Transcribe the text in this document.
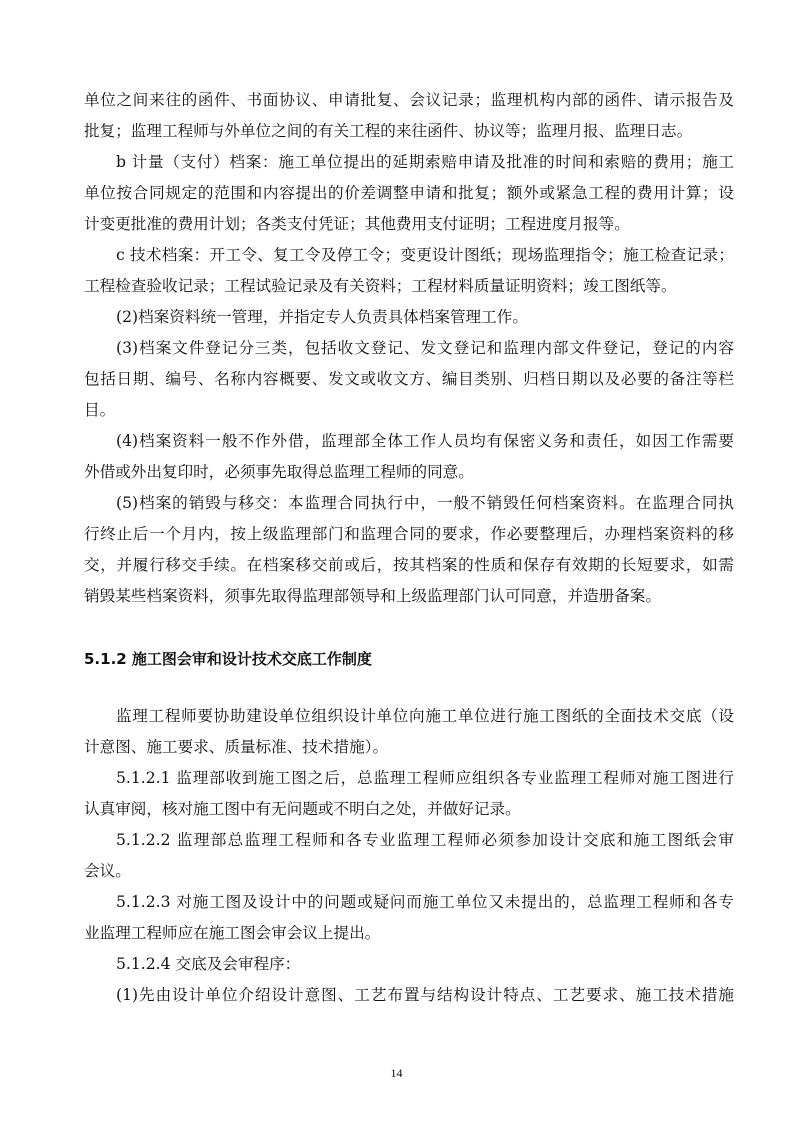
单位之间来往的函件、书面协议、申请批复、会议记录；监理机构内部的函件、请示报告及
批复；监理工程师与外单位之间的有关工程的来往函件、协议等；监理月报、监理日志。
b 计量（支付）档案：施工单位提出的延期索赔申请及批准的时间和索赔的费用；施工
单位按合同规定的范围和内容提出的价差调整申请和批复；额外或紧急工程的费用计算；设
计变更批准的费用计划；各类支付凭证；其他费用支付证明；工程进度月报等。
c 技术档案：开工令、复工令及停工令；变更设计图纸；现场监理指令；施工检查记录；
工程检查验收记录；工程试验记录及有关资料；工程材料质量证明资料；竣工图纸等。
(2)档案资料统一管理，并指定专人负责具体档案管理工作。
(3)档案文件登记分三类，包括收文登记、发文登记和监理内部文件登记，登记的内容
包括日期、编号、名称内容概要、发文或收文方、编目类别、归档日期以及必要的备注等栏
目。
(4)档案资料一般不作外借，监理部全体工作人员均有保密义务和责任，如因工作需要
外借或外出复印时，必须事先取得总监理工程师的同意。
(5)档案的销毁与移交：本监理合同执行中，一般不销毁任何档案资料。在监理合同执
行终止后一个月内，按上级监理部门和监理合同的要求，作必要整理后，办理档案资料的移
交，并履行移交手续。在档案移交前或后，按其档案的性质和保存有效期的长短要求，如需
销毁某些档案资料，须事先取得监理部领导和上级监理部门认可同意，并造册备案。
5.1.2 施工图会审和设计技术交底工作制度
监理工程师要协助建设单位组织设计单位向施工单位进行施工图纸的全面技术交底（设
计意图、施工要求、质量标准、技术措施）。
5.1.2.1 监理部收到施工图之后，总监理工程师应组织各专业监理工程师对施工图进行
认真审阅，核对施工图中有无问题或不明白之处，并做好记录。
5.1.2.2 监理部总监理工程师和各专业监理工程师必须参加设计交底和施工图纸会审
会议。
5.1.2.3 对施工图及设计中的问题或疑问而施工单位又未提出的，总监理工程师和各专
业监理工程师应在施工图会审会议上提出。
5.1.2.4 交底及会审程序：
(1)先由设计单位介绍设计意图、工艺布置与结构设计特点、工艺要求、施工技术措施
14
